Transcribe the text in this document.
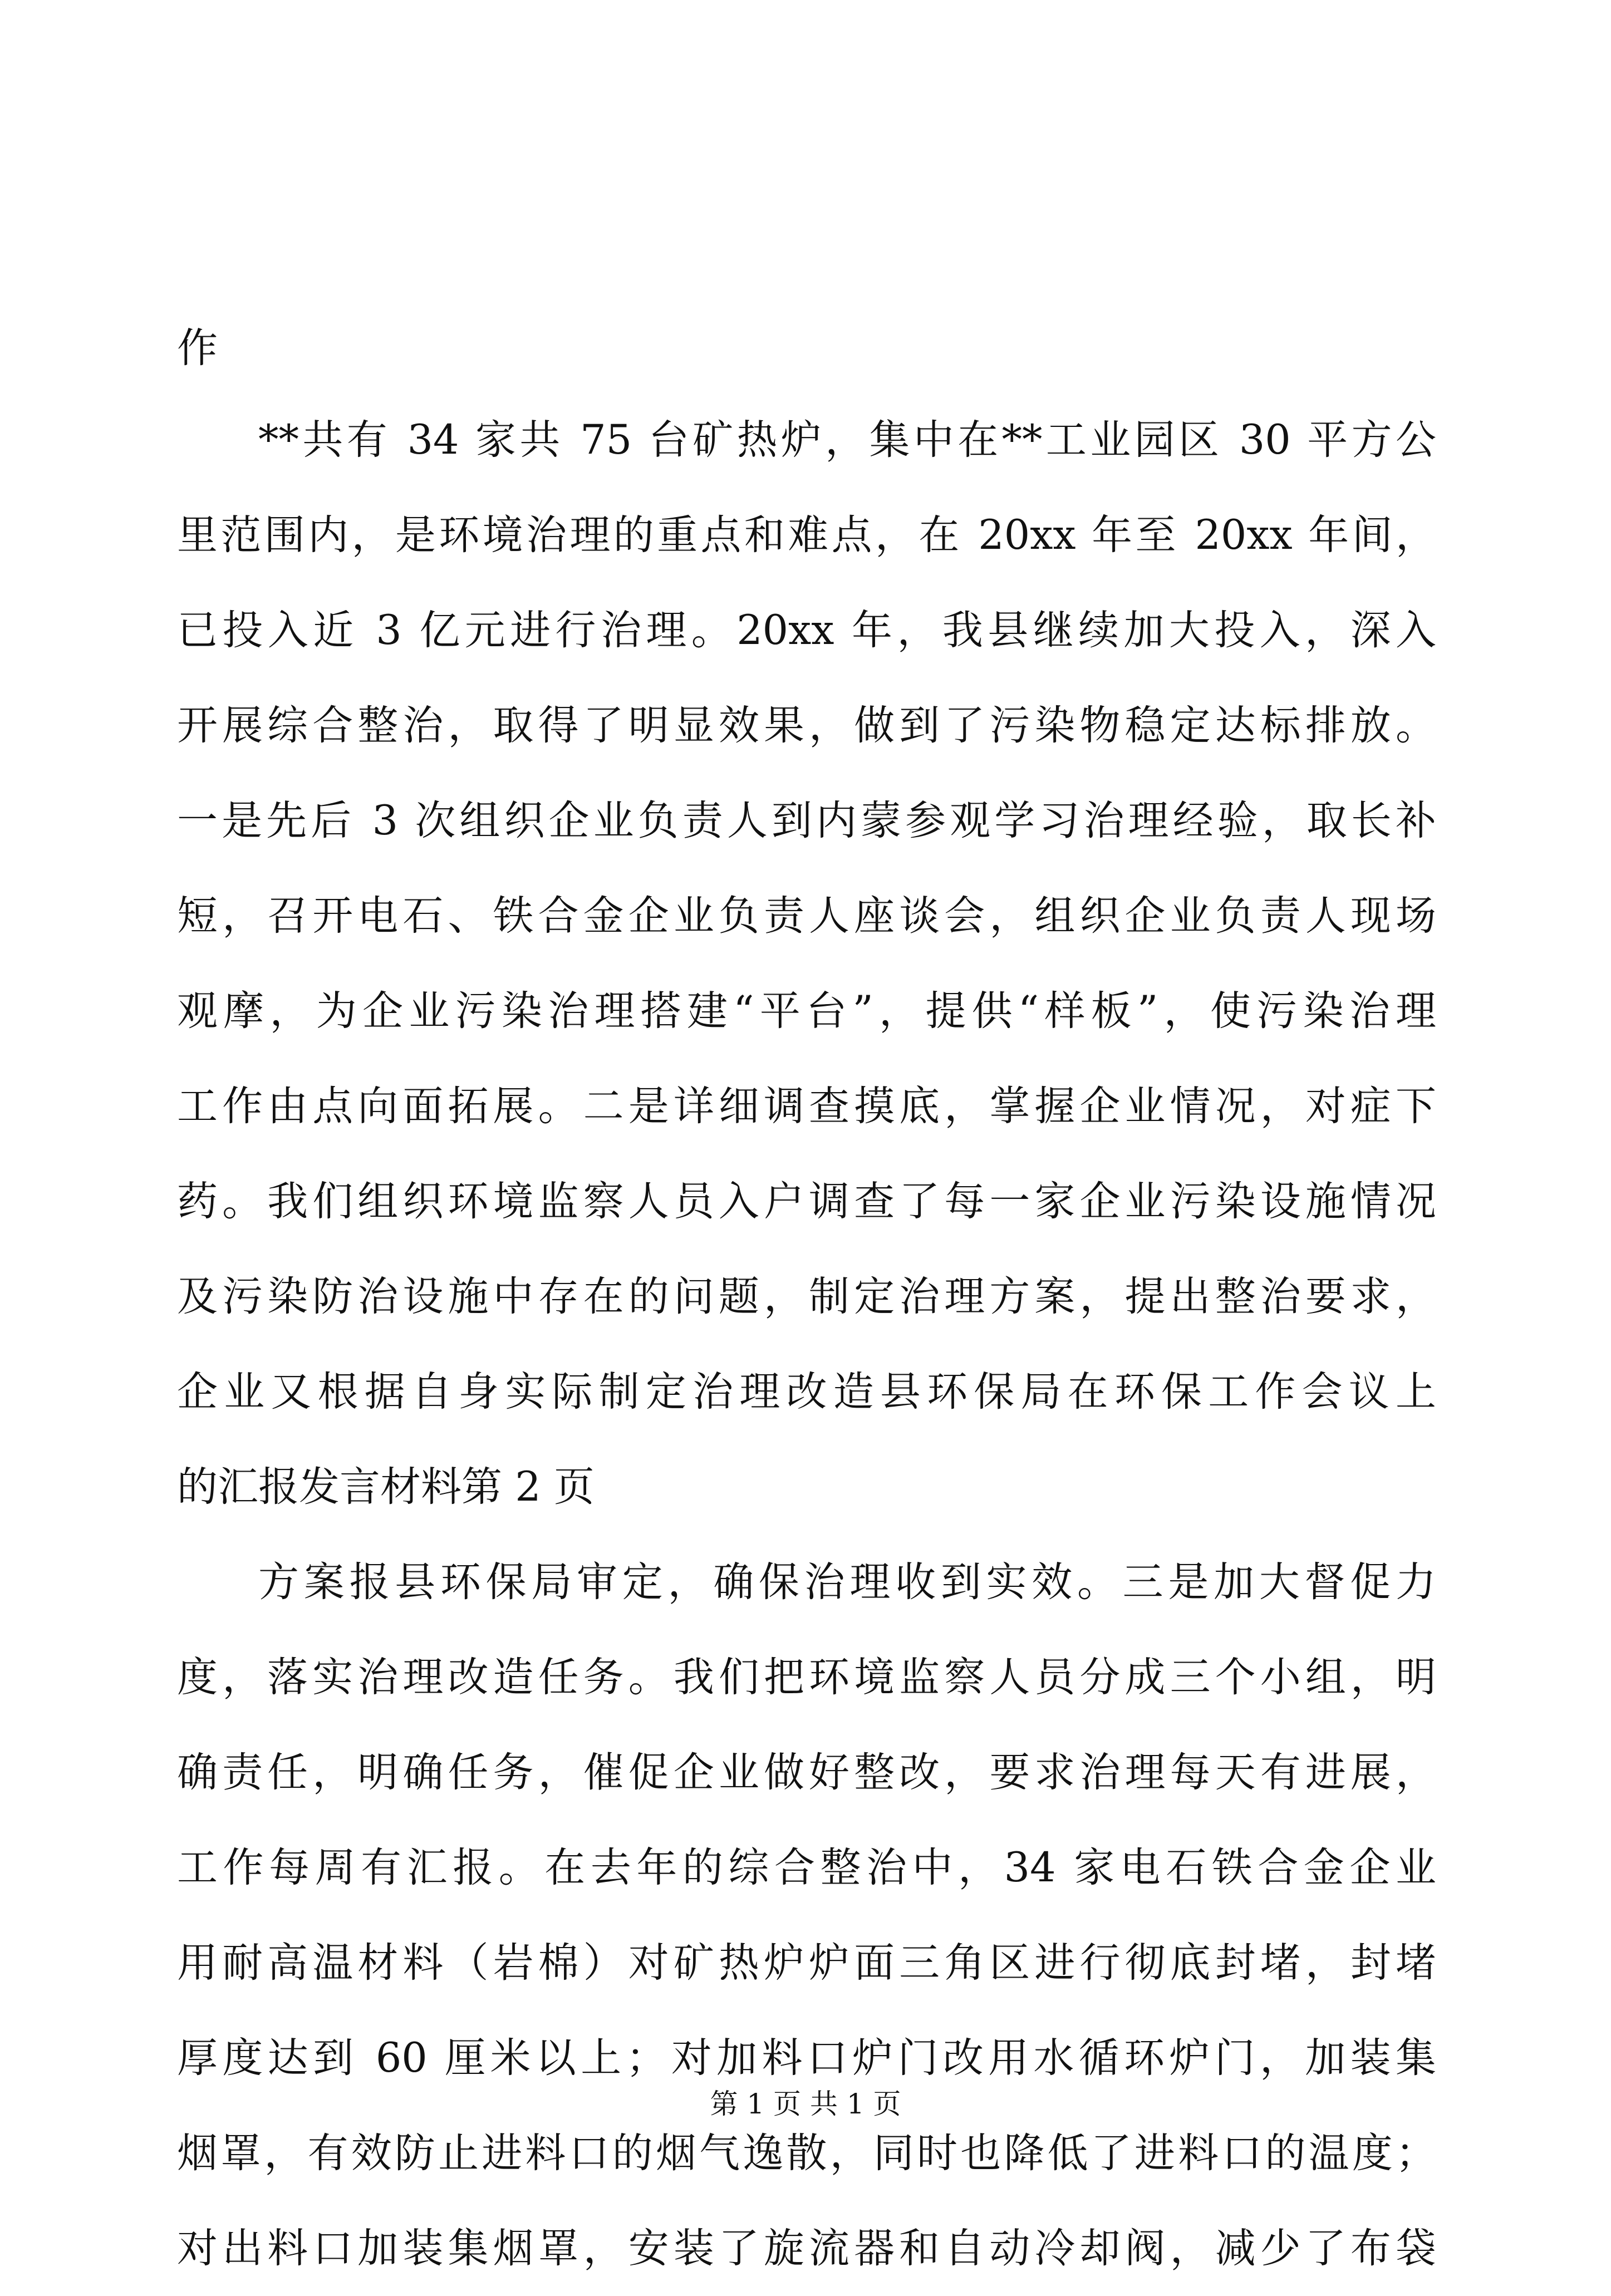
作
**共有 34 家共 75 台矿热炉，集中在**工业园区 30 平方公
里范围内，是环境治理的重点和难点，在 20xx 年至 20xx 年间，
已投入近 3 亿元进行治理。20xx 年，我县继续加大投入，深入
开展综合整治，取得了明显效果，做到了污染物稳定达标排放。
一是先后 3 次组织企业负责人到内蒙参观学习治理经验，取长补
短，召开电石、铁合金企业负责人座谈会，组织企业负责人现场
观摩，为企业污染治理搭建“平台”，提供“样板”，使污染治理
工作由点向面拓展。二是详细调查摸底，掌握企业情况，对症下
药。我们组织环境监察人员入户调查了每一家企业污染设施情况
及污染防治设施中存在的问题，制定治理方案，提出整治要求，
企业又根据自身实际制定治理改造县环保局在环保工作会议上
的汇报发言材料第 2 页
方案报县环保局审定，确保治理收到实效。三是加大督促力
度，落实治理改造任务。我们把环境监察人员分成三个小组，明
确责任，明确任务，催促企业做好整改，要求治理每天有进展，
工作每周有汇报。在去年的综合整治中，34 家电石铁合金企业
用耐高温材料（岩棉）对矿热炉炉面三角区进行彻底封堵，封堵
厚度达到 60 厘米以上；对加料口炉门改用水循环炉门，加装集
烟罩，有效防止进料口的烟气逸散，同时也降低了进料口的温度；
对出料口加装集烟罩，安装了旋流器和自动冷却阀，减少了布袋
第 1 页 共 1 页
